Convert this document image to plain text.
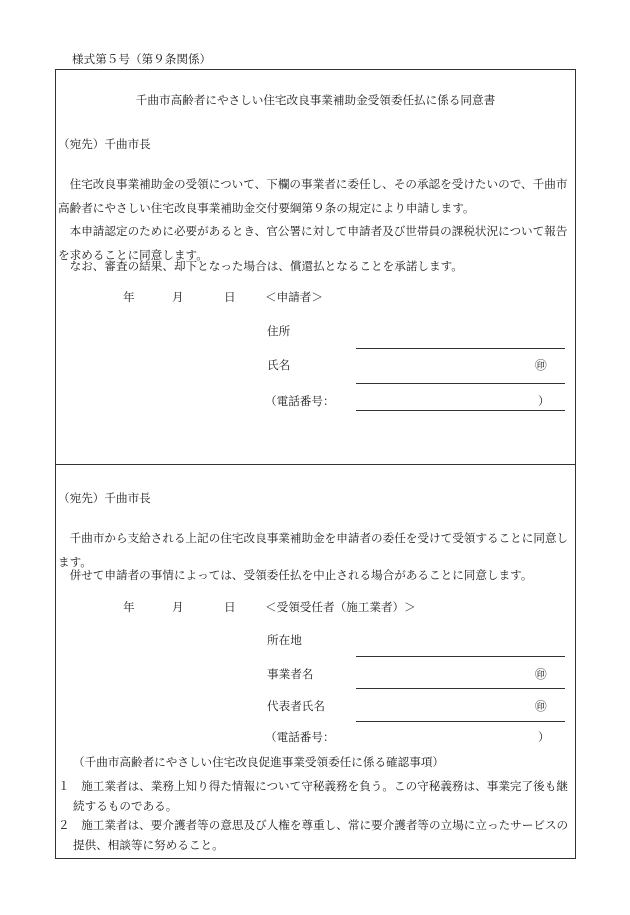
様式第５号（第９条関係）
千曲市高齢者にやさしい住宅改良事業補助金受領委任払に係る同意書
（宛先）千曲市長
住宅改良事業補助金の受領について、下欄の事業者に委任し、その承認を受けたいので、千曲市高齢者にやさしい住宅改良事業補助金交付要綱第９条の規定により申請します。
本申請認定のために必要があるとき、官公署に対して申請者及び世帯員の課税状況について報告を求めることに同意します。
なお、審査の結果、却下となった場合は、償還払となることを承諾します。
年	月	日	＜申請者＞
住所
氏名	㊞
（電話番号：	）
（宛先）千曲市長
千曲市から支給される上記の住宅改良事業補助金を申請者の委任を受けて受領することに同意します。
併せて申請者の事情によっては、受領委任払を中止される場合があることに同意します。
年	月	日	＜受領受任者（施工業者）＞
所在地
事業者名	㊞
代表者氏名	㊞
（電話番号：	）
（千曲市高齢者にやさしい住宅改良促進事業受領委任に係る確認事項）
１　施工業者は、業務上知り得た情報について守秘義務を負う。この守秘義務は、事業完了後も継続するものである。
２　施工業者は、要介護者等の意思及び人権を尊重し、常に要介護者等の立場に立ったサービスの提供、相談等に努めること。
